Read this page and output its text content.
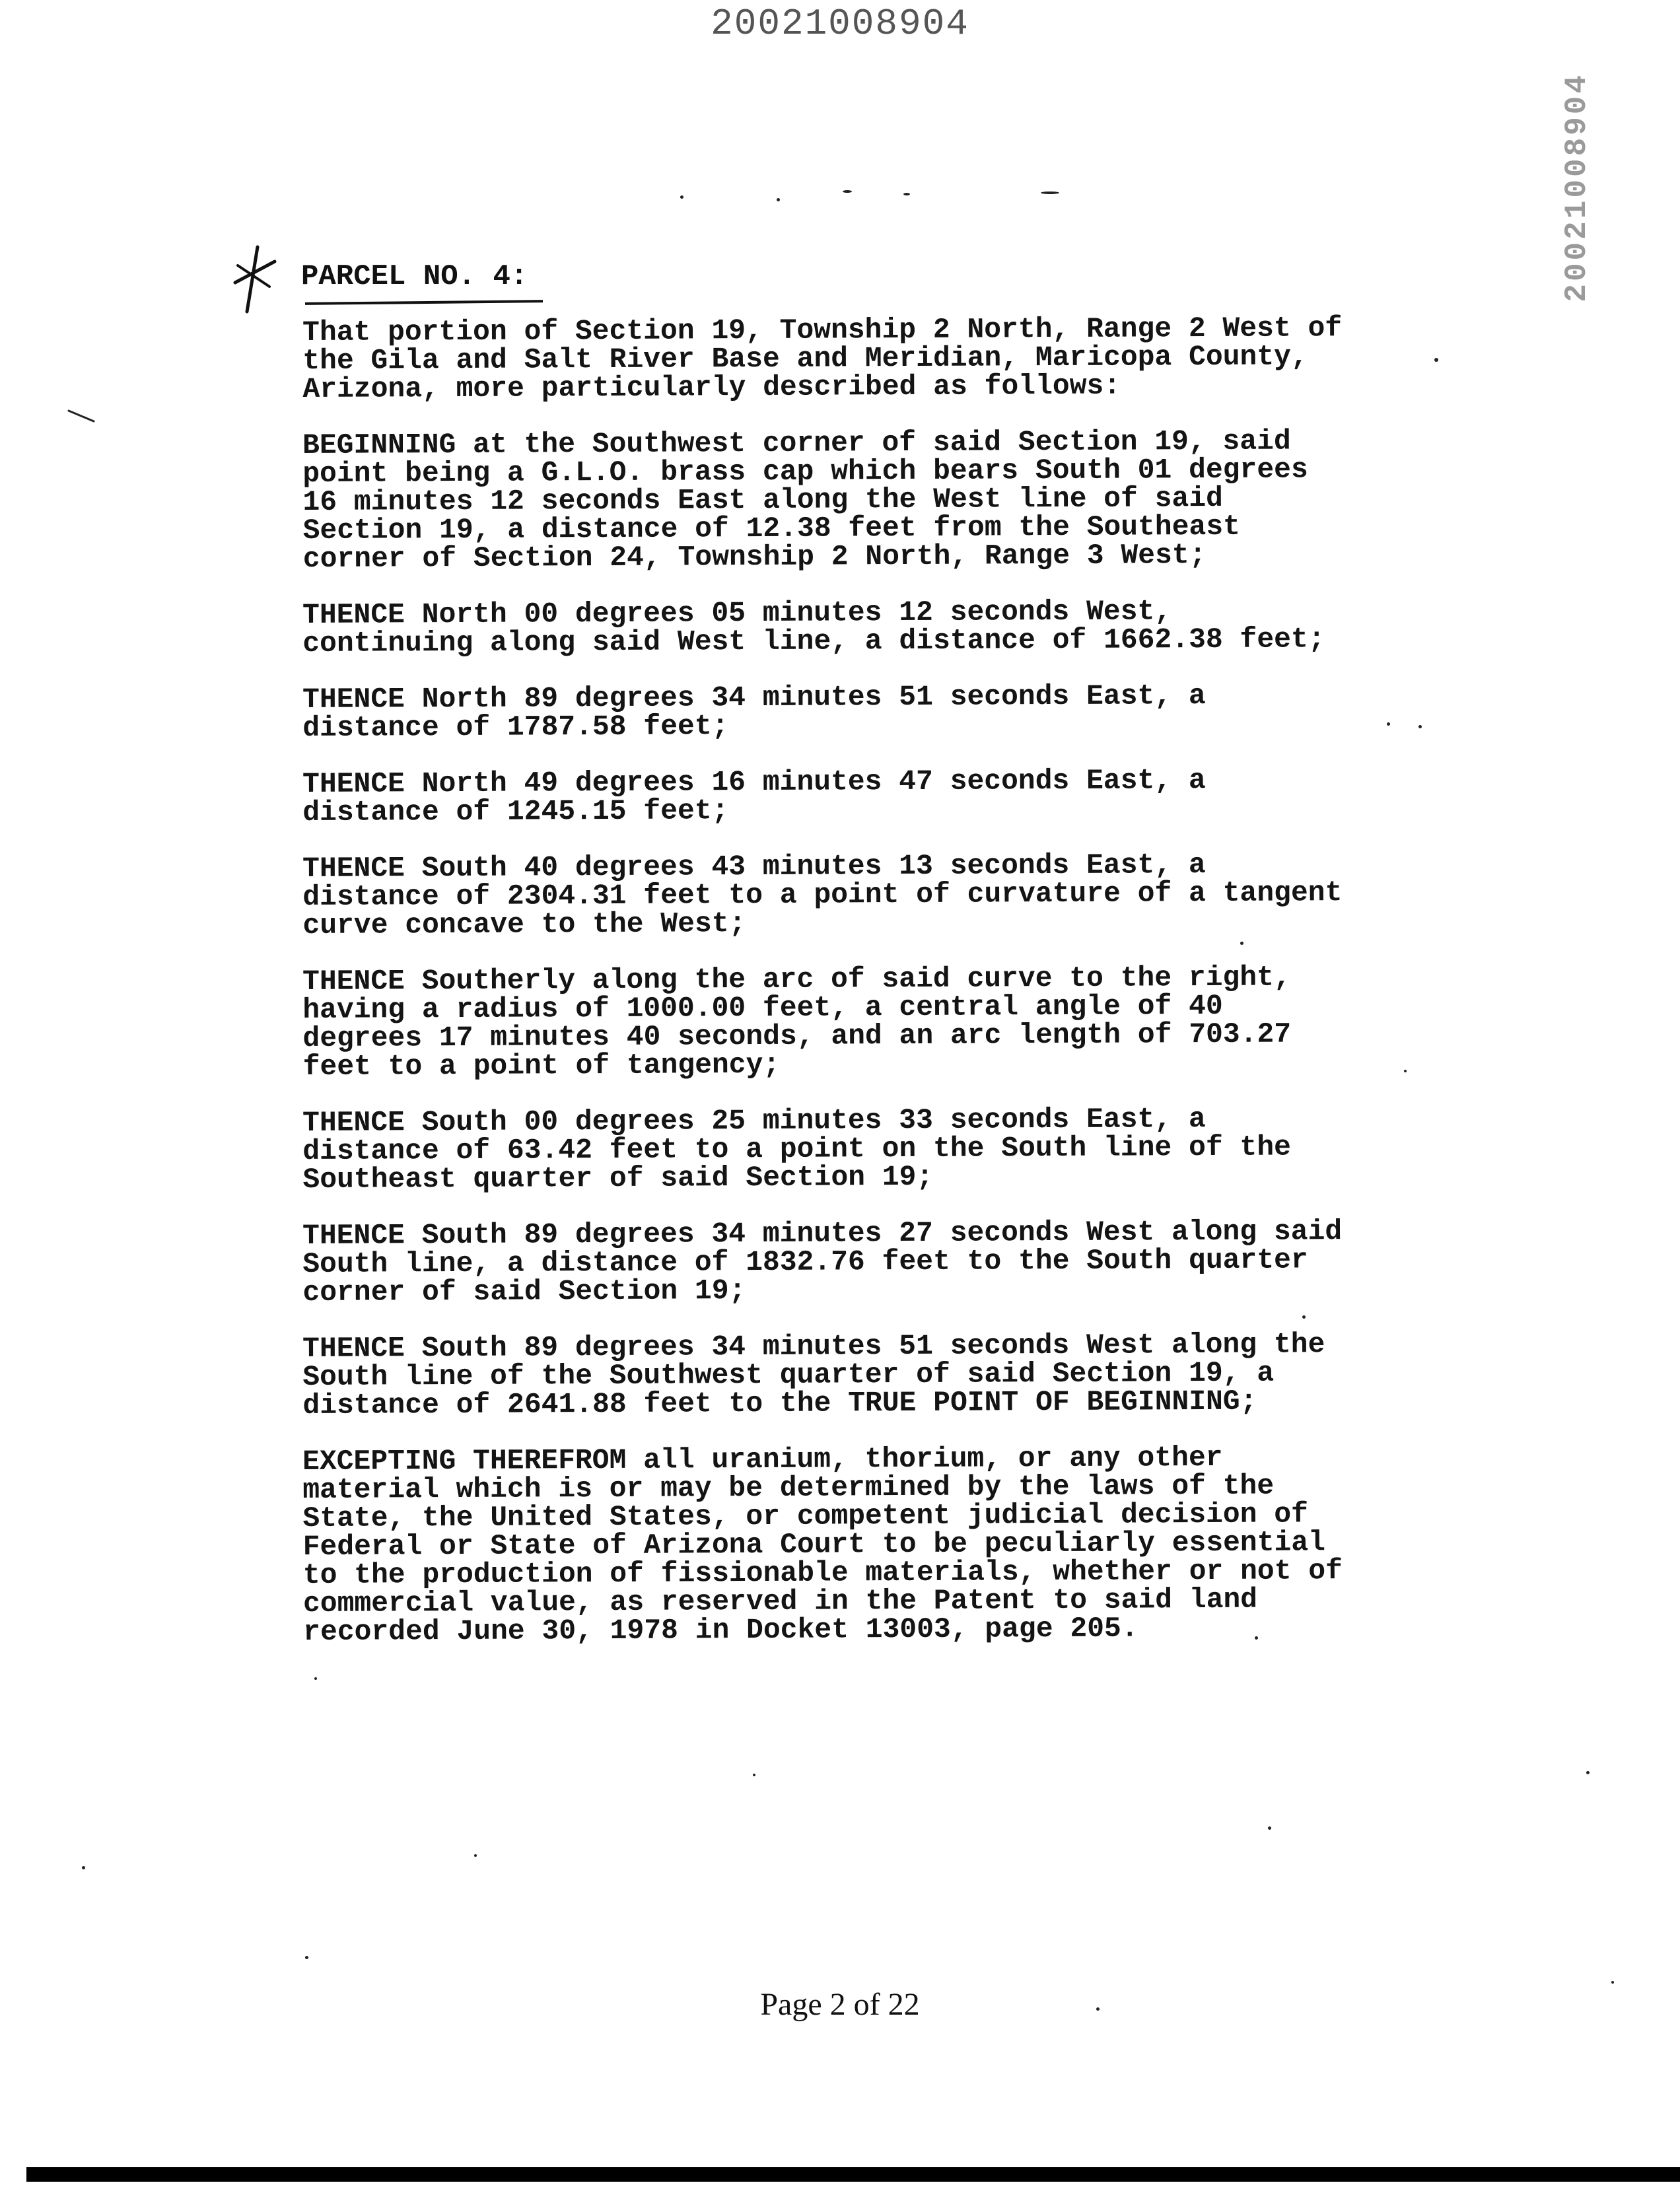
20021008904
20021008904
PARCEL NO. 4:

That portion of Section 19, Township 2 North, Range 2 West of
the Gila and Salt River Base and Meridian, Maricopa County,
Arizona, more particularly described as follows:

BEGINNING at the Southwest corner of said Section 19, said
point being a G.L.O. brass cap which bears South 01 degrees
16 minutes 12 seconds East along the West line of said
Section 19, a distance of 12.38 feet from the Southeast
corner of Section 24, Township 2 North, Range 3 West;

THENCE North 00 degrees 05 minutes 12 seconds West,
continuing along said West line, a distance of 1662.38 feet;

THENCE North 89 degrees 34 minutes 51 seconds East, a
distance of 1787.58 feet;

THENCE North 49 degrees 16 minutes 47 seconds East, a
distance of 1245.15 feet;

THENCE South 40 degrees 43 minutes 13 seconds East, a
distance of 2304.31 feet to a point of curvature of a tangent
curve concave to the West;

THENCE Southerly along the arc of said curve to the right,
having a radius of 1000.00 feet, a central angle of 40
degrees 17 minutes 40 seconds, and an arc length of 703.27
feet to a point of tangency;

THENCE South 00 degrees 25 minutes 33 seconds East, a
distance of 63.42 feet to a point on the South line of the
Southeast quarter of said Section 19;

THENCE South 89 degrees 34 minutes 27 seconds West along said
South line, a distance of 1832.76 feet to the South quarter
corner of said Section 19;

THENCE South 89 degrees 34 minutes 51 seconds West along the
South line of the Southwest quarter of said Section 19, a
distance of 2641.88 feet to the TRUE POINT OF BEGINNING;

EXCEPTING THEREFROM all uranium, thorium, or any other
material which is or may be determined by the laws of the
State, the United States, or competent judicial decision of
Federal or State of Arizona Court to be peculiarly essential
to the production of fissionable materials, whether or not of
commercial value, as reserved in the Patent to said land
recorded June 30, 1978 in Docket 13003, page 205.

Page 2 of 22
